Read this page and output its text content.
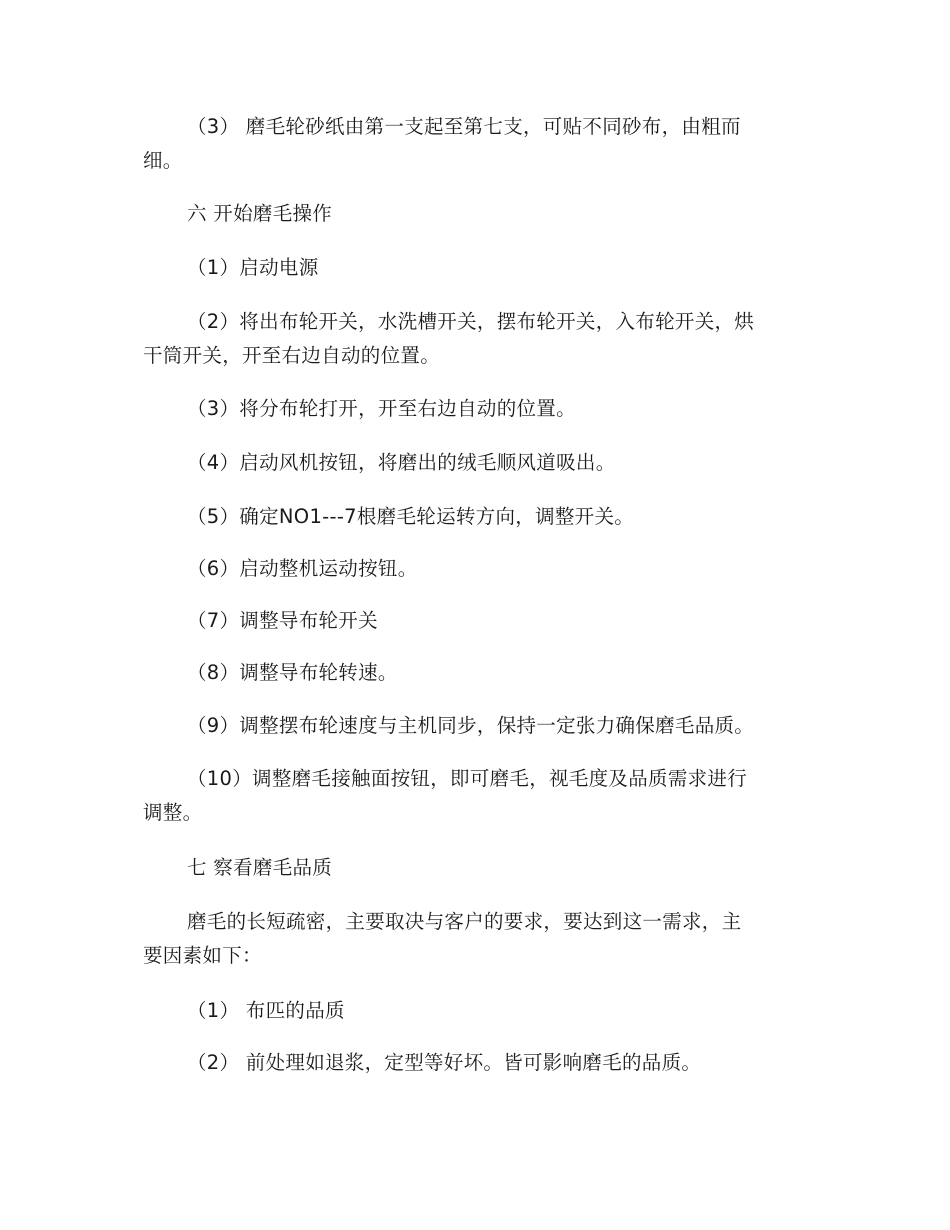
（3） 磨毛轮砂纸由第一支起至第七支，可贴不同砂布，由粗而
细。

六 开始磨毛操作

（1）启动电源

（2）将出布轮开关，水洗槽开关，摆布轮开关，入布轮开关，烘
干筒开关，开至右边自动的位置。

（3）将分布轮打开，开至右边自动的位置。

（4）启动风机按钮，将磨出的绒毛顺风道吸出。

（5）确定NO1---7根磨毛轮运转方向，调整开关。

（6）启动整机运动按钮。

（7）调整导布轮开关

（8）调整导布轮转速。

（9）调整摆布轮速度与主机同步，保持一定张力确保磨毛品质。

（10）调整磨毛接触面按钮，即可磨毛，视毛度及品质需求进行
调整。

七 察看磨毛品质

磨毛的长短疏密，主要取决与客户的要求，要达到这一需求，主
要因素如下：

（1） 布匹的品质

（2） 前处理如退浆，定型等好坏。皆可影响磨毛的品质。
